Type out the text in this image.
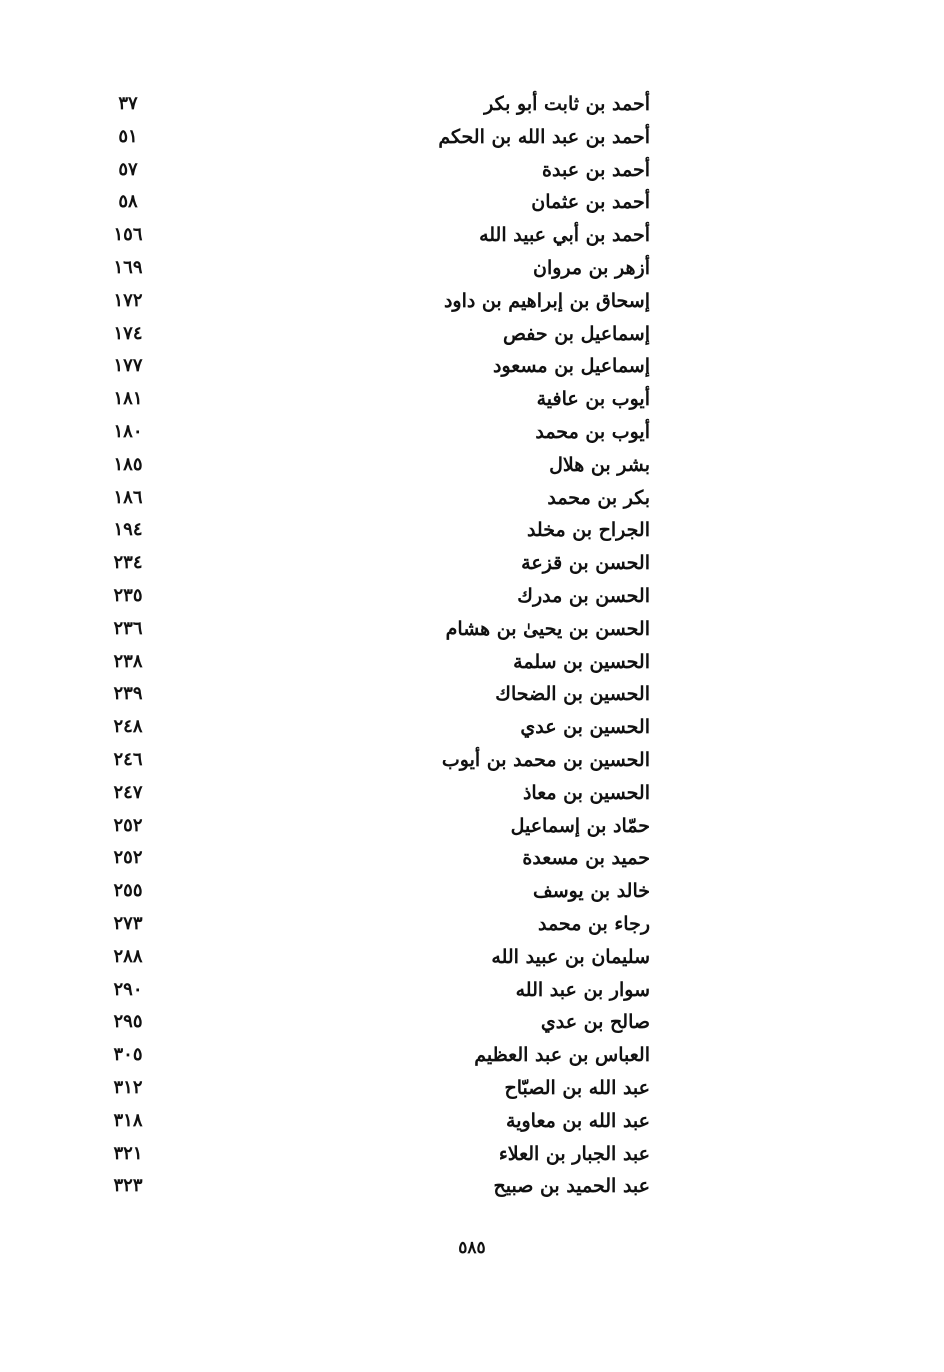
أحمد بن ثابت أبو بكر
٣٧
أحمد بن عبد الله بن الحكم
٥١
أحمد بن عبدة
٥٧
أحمد بن عثمان
٥٨
أحمد بن أبي عبيد الله
١٥٦
أزهر بن مروان
١٦٩
إسحاق بن إبراهيم بن داود
١٧٢
إسماعيل بن حفص
١٧٤
إسماعيل بن مسعود
١٧٧
أيوب بن عافية
١٨١
أيوب بن محمد
١٨٠
بشر بن هلال
١٨٥
بكر بن محمد
١٨٦
الجراح بن مخلد
١٩٤
الحسن بن قزعة
٢٣٤
الحسن بن مدرك
٢٣٥
الحسن بن يحيىٰ بن هشام
٢٣٦
الحسين بن سلمة
٢٣٨
الحسين بن الضحاك
٢٣٩
الحسين بن عدي
٢٤٨
الحسين بن محمد بن أيوب
٢٤٦
الحسين بن معاذ
٢٤٧
حمّاد بن إسماعيل
٢٥٢
حميد بن مسعدة
٢٥٢
خالد بن يوسف
٢٥٥
رجاء بن محمد
٢٧٣
سليمان بن عبيد الله
٢٨٨
سوار بن عبد الله
٢٩٠
صالح بن عدي
٢٩٥
العباس بن عبد العظيم
٣٠٥
عبد الله بن الصبّاح
٣١٢
عبد الله بن معاوية
٣١٨
عبد الجبار بن العلاء
٣٢١
عبد الحميد بن صبيح
٣٢٣
٥٨٥
